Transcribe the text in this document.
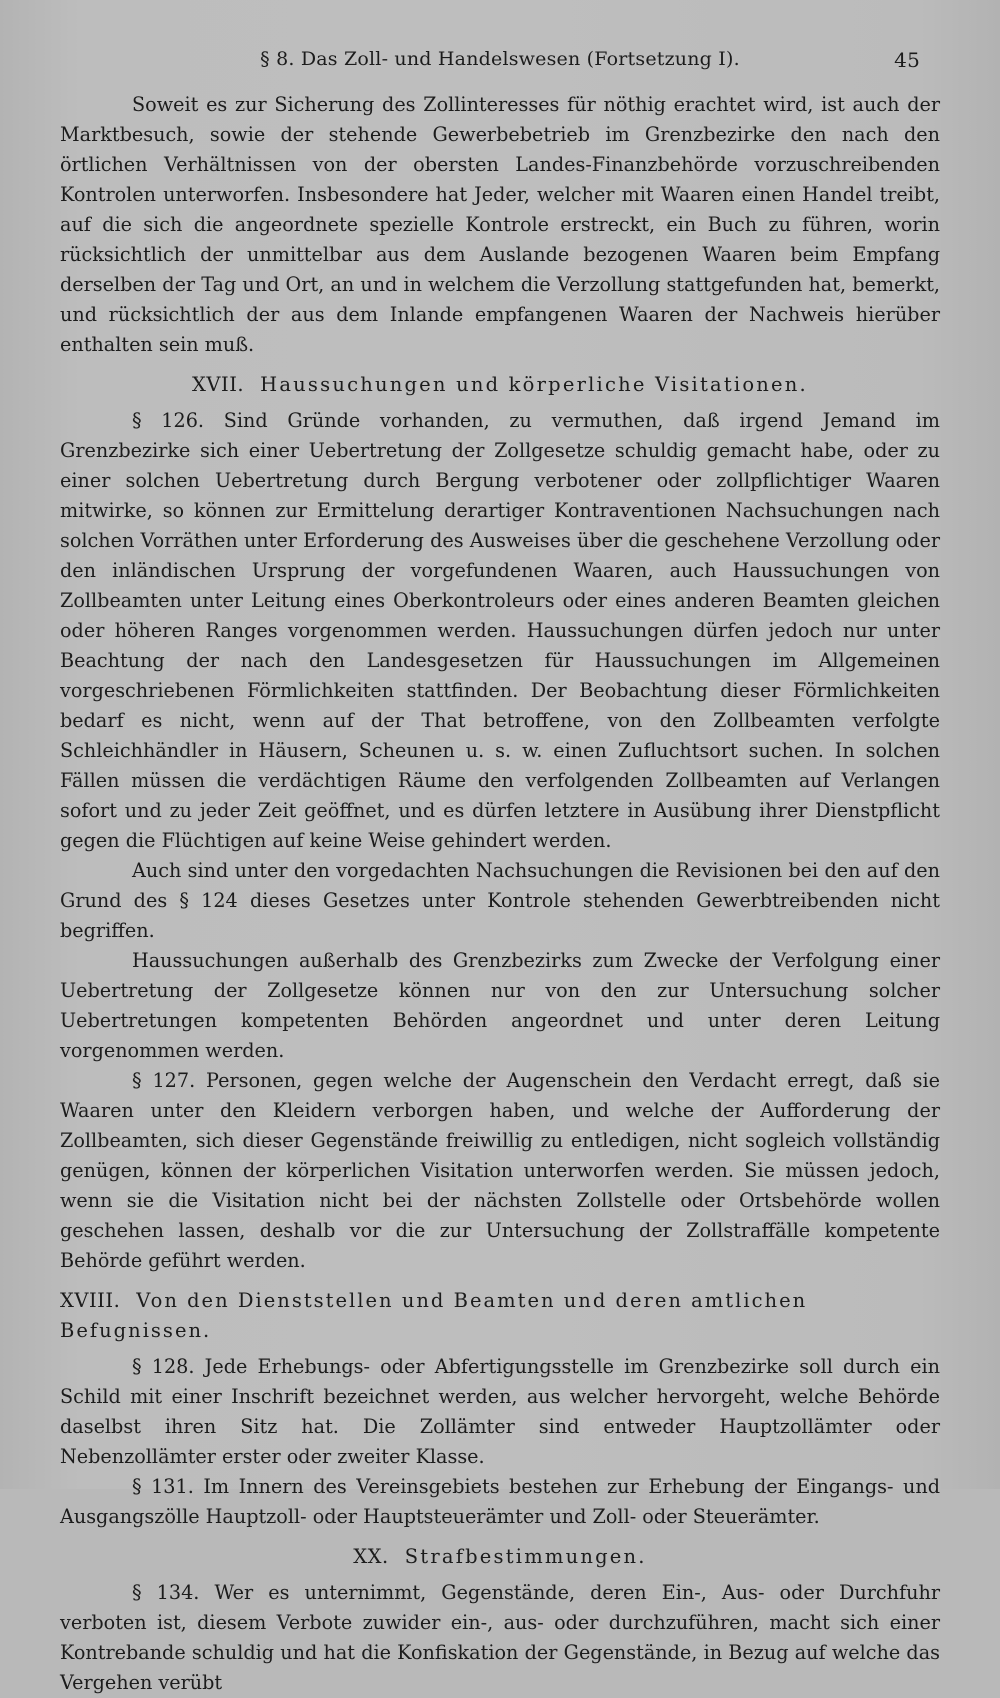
§ 8. Das Zoll- und Handelswesen (Fortsetzung I).	45

Soweit es zur Sicherung des Zollinteresses für nöthig erachtet wird, ist auch der Marktbesuch, sowie der stehende Gewerbebetrieb im Grenzbezirke den nach den örtlichen Verhältnissen von der obersten Landes-Finanzbehörde vorzuschreibenden Kontrolen unterworfen. Insbesondere hat Jeder, welcher mit Waaren einen Handel treibt, auf die sich die angeordnete spezielle Kontrole erstreckt, ein Buch zu führen, worin rücksichtlich der unmittelbar aus dem Auslande bezogenen Waaren beim Empfang derselben der Tag und Ort, an und in welchem die Verzollung stattgefunden hat, bemerkt, und rücksichtlich der aus dem Inlande empfangenen Waaren der Nachweis hierüber enthalten sein muß.

XVII. Haussuchungen und körperliche Visitationen.

§ 126. Sind Gründe vorhanden, zu vermuthen, daß irgend Jemand im Grenzbezirke sich einer Uebertretung der Zollgesetze schuldig gemacht habe, oder zu einer solchen Uebertretung durch Bergung verbotener oder zollpflichtiger Waaren mitwirke, so können zur Ermittelung derartiger Kontraventionen Nachsuchungen nach solchen Vorräthen unter Erforderung des Ausweises über die geschehene Verzollung oder den inländischen Ursprung der vorgefundenen Waaren, auch Haussuchungen von Zollbeamten unter Leitung eines Oberkontroleurs oder eines anderen Beamten gleichen oder höheren Ranges vorgenommen werden. Haussuchungen dürfen jedoch nur unter Beachtung der nach den Landesgesetzen für Haussuchungen im Allgemeinen vorgeschriebenen Förmlichkeiten stattfinden. Der Beobachtung dieser Förmlichkeiten bedarf es nicht, wenn auf der That betroffene, von den Zollbeamten verfolgte Schleichhändler in Häusern, Scheunen u. s. w. einen Zufluchtsort suchen. In solchen Fällen müssen die verdächtigen Räume den verfolgenden Zollbeamten auf Verlangen sofort und zu jeder Zeit geöffnet, und es dürfen letztere in Ausübung ihrer Dienstpflicht gegen die Flüchtigen auf keine Weise gehindert werden.

Auch sind unter den vorgedachten Nachsuchungen die Revisionen bei den auf den Grund des § 124 dieses Gesetzes unter Kontrole stehenden Gewerbtreibenden nicht begriffen.

Haussuchungen außerhalb des Grenzbezirks zum Zwecke der Verfolgung einer Uebertretung der Zollgesetze können nur von den zur Untersuchung solcher Uebertretungen kompetenten Behörden angeordnet und unter deren Leitung vorgenommen werden.

§ 127. Personen, gegen welche der Augenschein den Verdacht erregt, daß sie Waaren unter den Kleidern verborgen haben, und welche der Aufforderung der Zollbeamten, sich dieser Gegenstände freiwillig zu entledigen, nicht sogleich vollständig genügen, können der körperlichen Visitation unterworfen werden. Sie müssen jedoch, wenn sie die Visitation nicht bei der nächsten Zollstelle oder Ortsbehörde wollen geschehen lassen, deshalb vor die zur Untersuchung der Zollstraffälle kompetente Behörde geführt werden.

XVIII. Von den Dienststellen und Beamten und deren amtlichen Befugnissen.

§ 128. Jede Erhebungs- oder Abfertigungsstelle im Grenzbezirke soll durch ein Schild mit einer Inschrift bezeichnet werden, aus welcher hervorgeht, welche Behörde daselbst ihren Sitz hat. Die Zollämter sind entweder Hauptzollämter oder Nebenzollämter erster oder zweiter Klasse.

§ 131. Im Innern des Vereinsgebiets bestehen zur Erhebung der Eingangs- und Ausgangszölle Hauptzoll- oder Hauptsteuerämter und Zoll- oder Steuerämter.

XX. Strafbestimmungen.

§ 134. Wer es unternimmt, Gegenstände, deren Ein-, Aus- oder Durchfuhr verboten ist, diesem Verbote zuwider ein-, aus- oder durchzuführen, macht sich einer Kontrebande schuldig und hat die Konfiskation der Gegenstände, in Bezug auf welche das Vergehen verübt
